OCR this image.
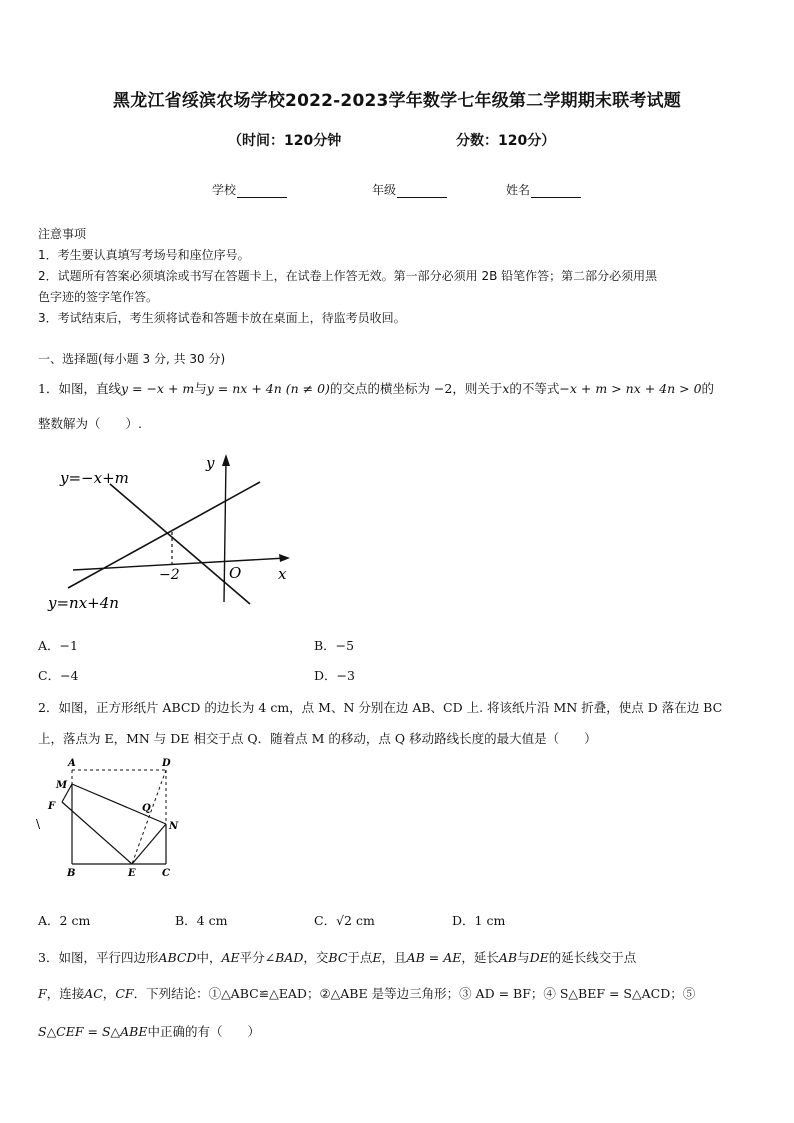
黑龙江省绥滨农场学校2022-2023学年数学七年级第二学期期末联考试题
（时间：120分钟	分数：120分）
学校	年级	姓名
注意事项
1．考生要认真填写考场号和座位序号。
2．试题所有答案必须填涂或书写在答题卡上，在试卷上作答无效。第一部分必须用 2B 铅笔作答；第二部分必须用黑
色字迹的签字笔作答。
3．考试结束后，考生须将试卷和答题卡放在桌面上，待监考员收回。
一、选择题(每小题 3 分, 共 30 分)
1．如图，直线y = −x + m与y = nx + 4n (n ≠ 0)的交点的横坐标为 −2，则关于x的不等式−x + m > nx + 4n > 0的
整数解为（　　）.
y=−x+m
y=nx+4n
y
x
O
−2
A．−1	B．−5
C．−4	D．−3
2．如图，正方形纸片 ABCD 的边长为 4 cm，点 M、N 分别在边 AB、CD 上. 将该纸片沿 MN 折叠，使点 D 落在边 BC
上，落点为 E，MN 与 DE 相交于点 Q．随着点 M 的移动，点 Q 移动路线长度的最大值是（　　）
A	D
M
F	Q
N
B	E	C
\
A．2 cm	B．4 cm	C．√2 cm	D．1 cm
3．如图，平行四边形ABCD中，AE平分∠BAD，交BC于点E，且AB = AE，延长AB与DE的延长线交于点
F，连接AC，CF．下列结论：①△ABC≌△EAD；②△ABE 是等边三角形；③ AD = BF；④ S△BEF = S△ACD；⑤
S△CEF = S△ABE中正确的有（　　）
